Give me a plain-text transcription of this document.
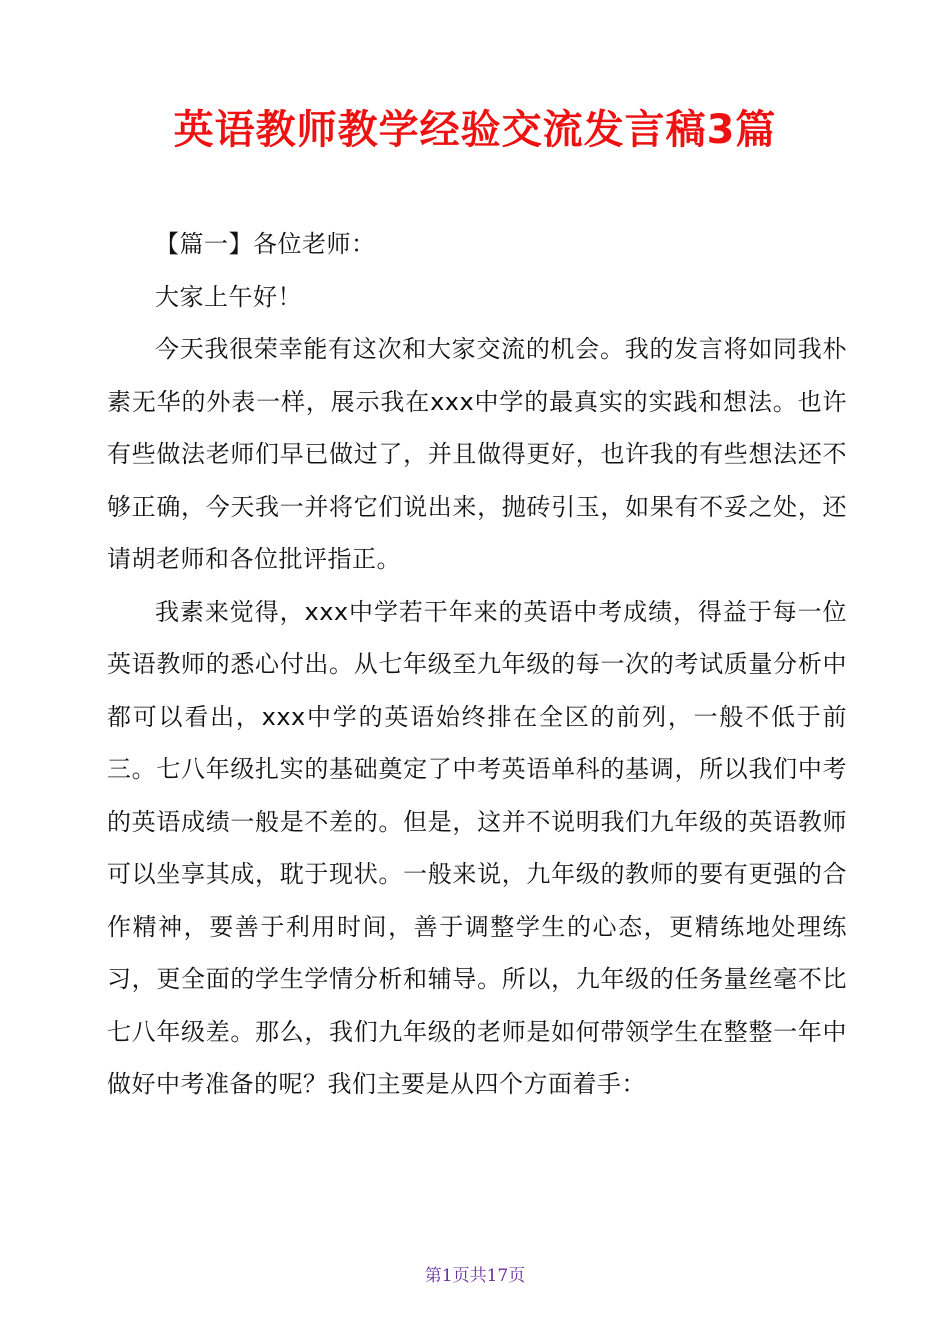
英语教师教学经验交流发言稿3篇

【篇一】各位老师：

大家上午好！

今天我很荣幸能有这次和大家交流的机会。我的发言将如同我朴素无华的外表一样，展示我在xxx中学的最真实的实践和想法。也许有些做法老师们早已做过了，并且做得更好，也许我的有些想法还不够正确，今天我一并将它们说出来，抛砖引玉，如果有不妥之处，还请胡老师和各位批评指正。

我素来觉得，xxx中学若干年来的英语中考成绩，得益于每一位英语教师的悉心付出。从七年级至九年级的每一次的考试质量分析中都可以看出，xxx中学的英语始终排在全区的前列，一般不低于前三。七八年级扎实的基础奠定了中考英语单科的基调，所以我们中考的英语成绩一般是不差的。但是，这并不说明我们九年级的英语教师可以坐享其成，耽于现状。一般来说，九年级的教师的要有更强的合作精神，要善于利用时间，善于调整学生的心态，更精练地处理练习，更全面的学生学情分析和辅导。所以，九年级的任务量丝毫不比七八年级差。那么，我们九年级的老师是如何带领学生在整整一年中做好中考准备的呢？我们主要是从四个方面着手：

第1页共17页
